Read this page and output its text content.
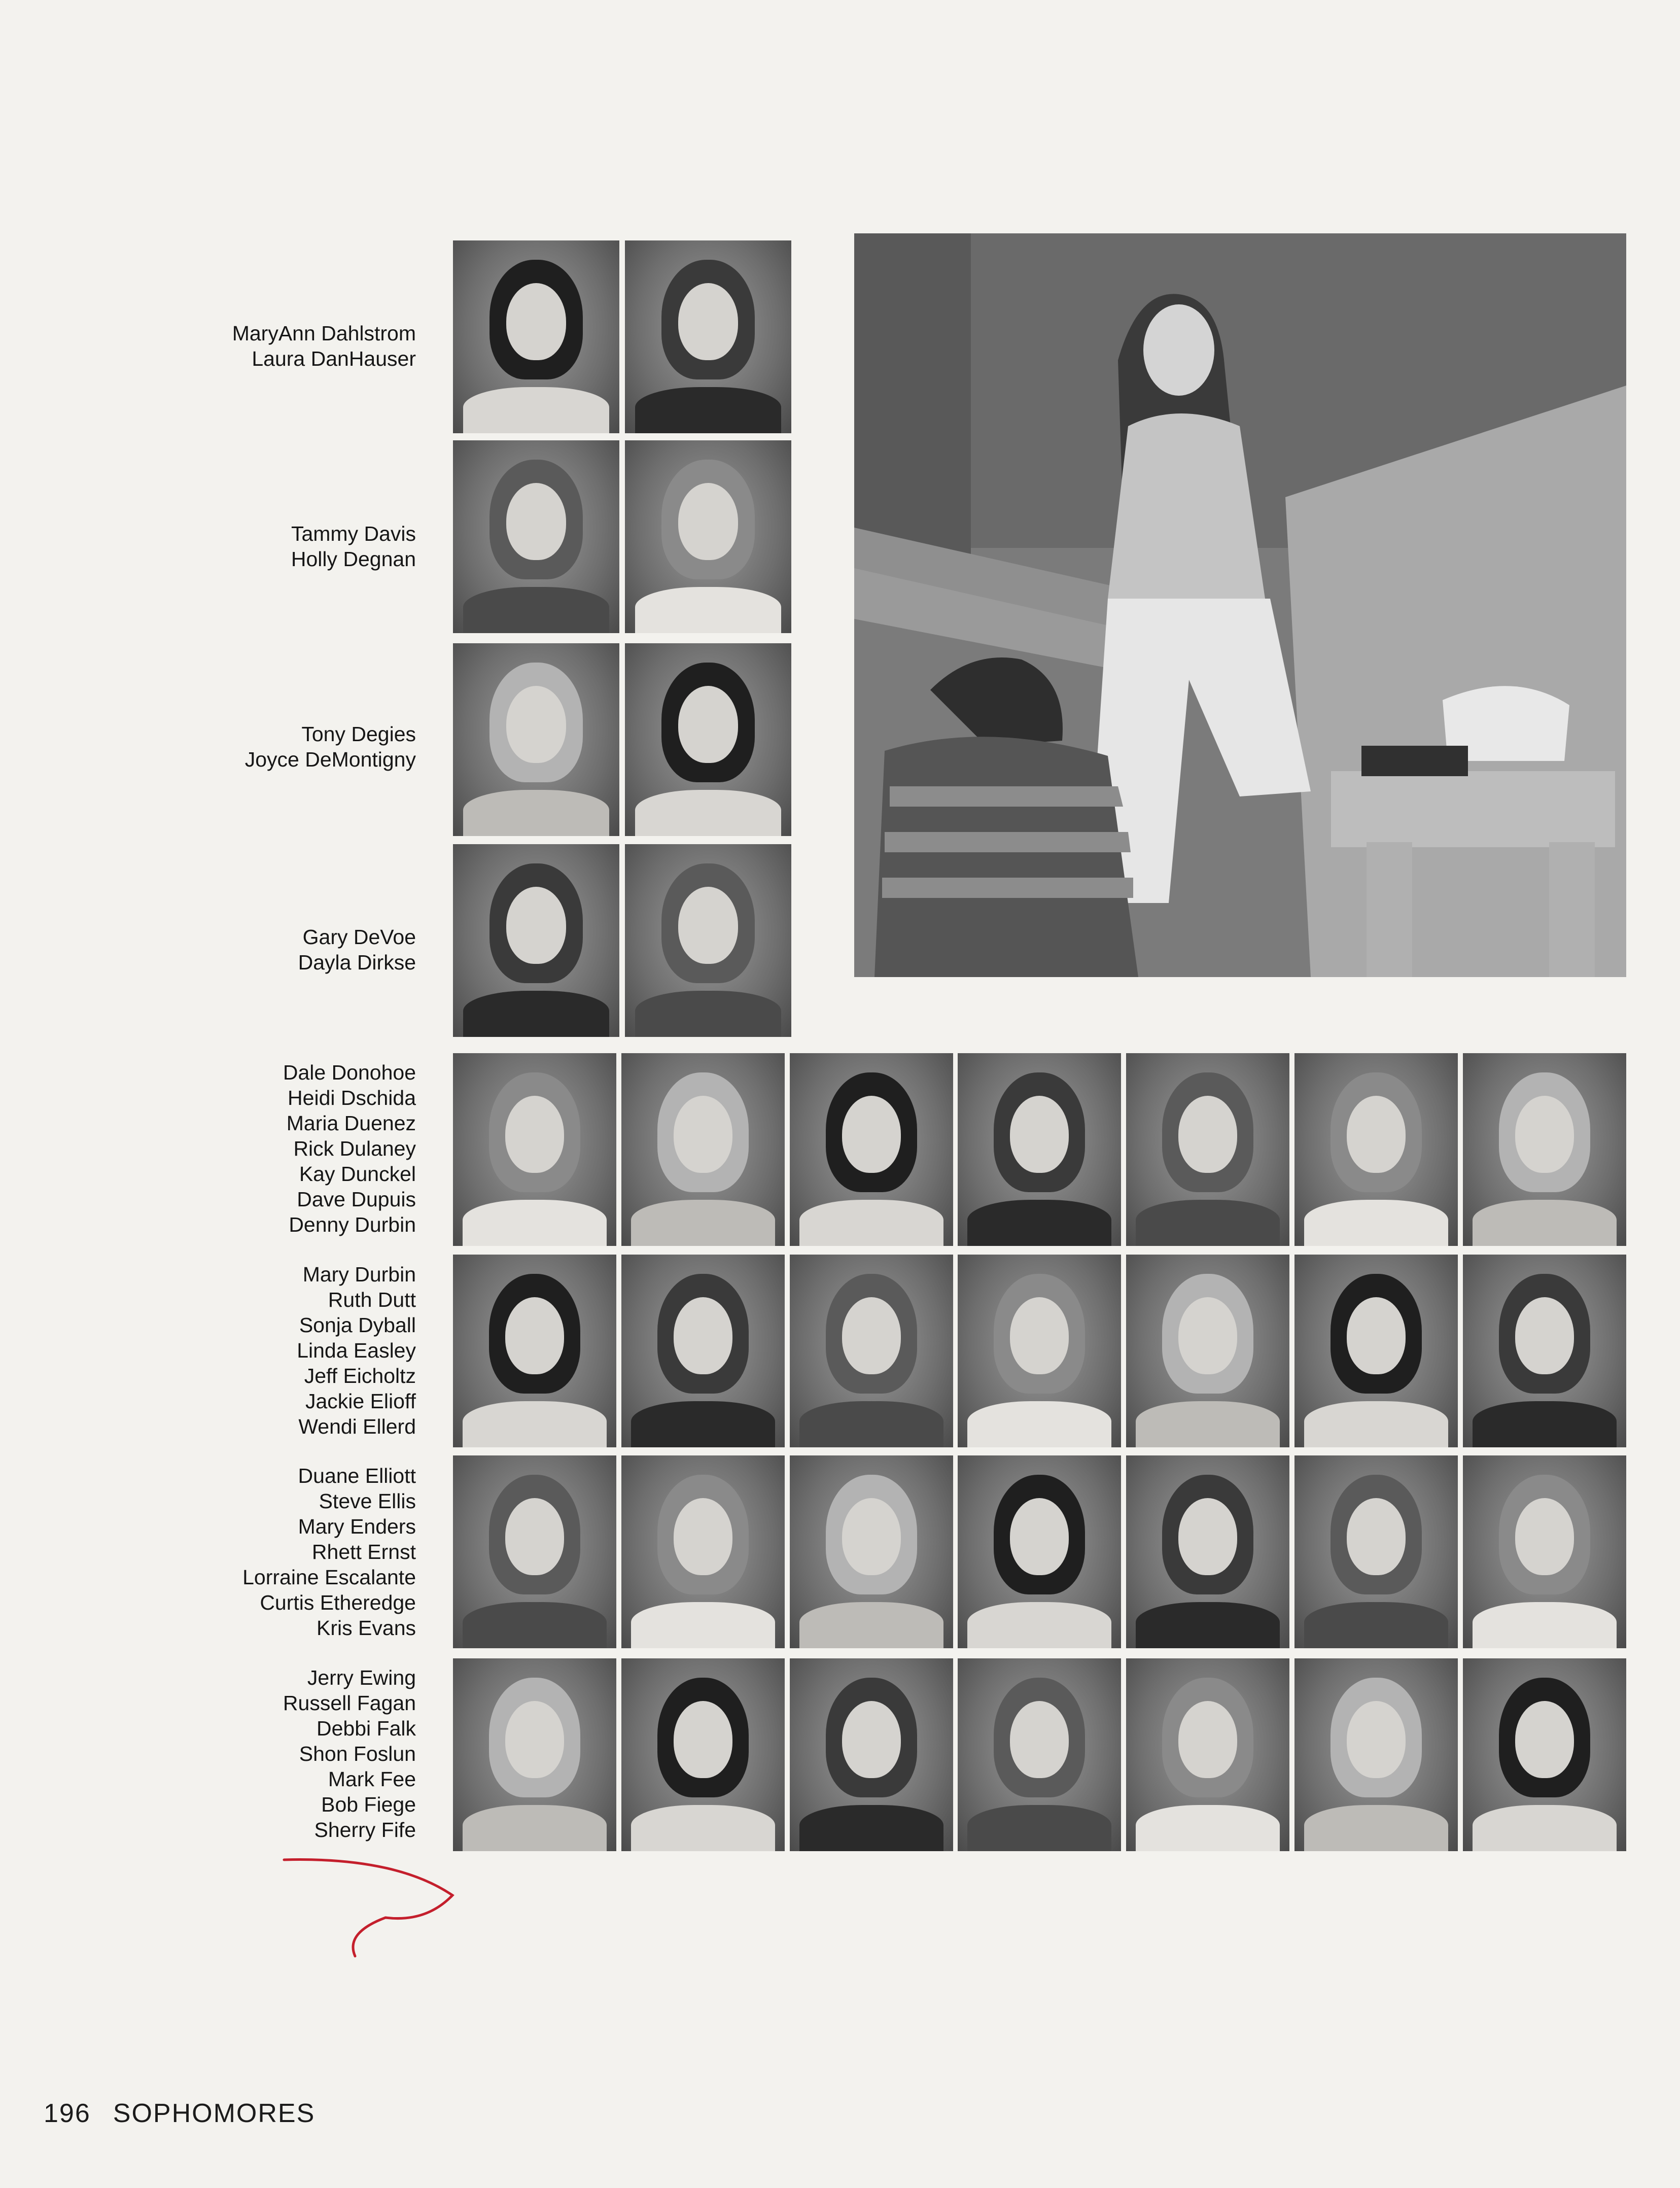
MaryAnn Dahlstrom
Laura DanHauser
Tammy Davis
Holly Degnan
Tony Degies
Joyce DeMontigny
Gary DeVoe
Dayla Dirkse
Dale Donohoe
Heidi Dschida
Maria Duenez
Rick Dulaney
Kay Dunckel
Dave Dupuis
Denny Durbin
Mary Durbin
Ruth Dutt
Sonja Dyball
Linda Easley
Jeff Eicholtz
Jackie Elioff
Wendi Ellerd
Duane Elliott
Steve Ellis
Mary Enders
Rhett Ernst
Lorraine Escalante
Curtis Etheredge
Kris Evans
Jerry Ewing
Russell Fagan
Debbi Falk
Shon Foslun
Mark Fee
Bob Fiege
Sherry Fife
196 SOPHOMORES
